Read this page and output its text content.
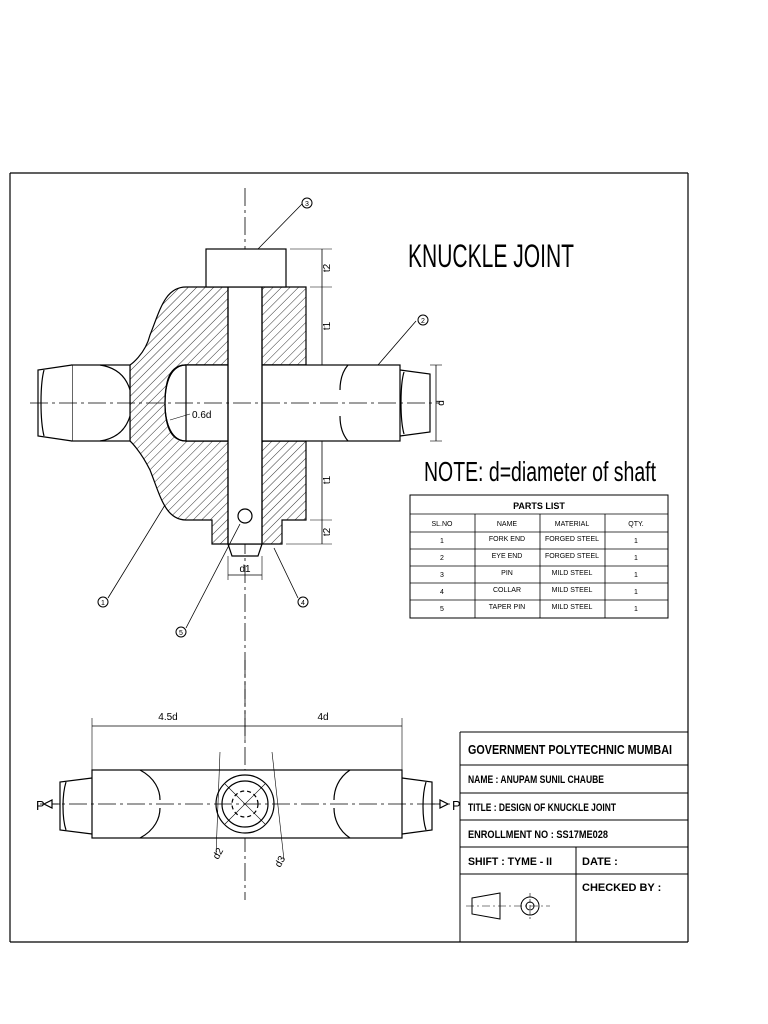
KNUCKLE JOINT
NOTE: d=diameter of shaft
3
2
1	4
5
t2
t1
t1
t2
d
0.6d
d1
4.5d	4d
P	P
d2
d3
PARTS LIST
SL.NO	NAME	MATERIAL	QTY.
1	FORK END	FORGED STEEL	1
2	EYE END	FORGED STEEL	1
3	PIN	MILD STEEL	1
4	COLLAR	MILD STEEL	1
5	TAPER PIN	MILD STEEL	1
GOVERNMENT POLYTECHNIC MUMBAI
NAME : ANUPAM SUNIL CHAUBE
TITLE : DESIGN OF KNUCKLE JOINT
ENROLLMENT NO : SS17ME028
SHIFT : TYME - II	DATE :
CHECKED BY :
